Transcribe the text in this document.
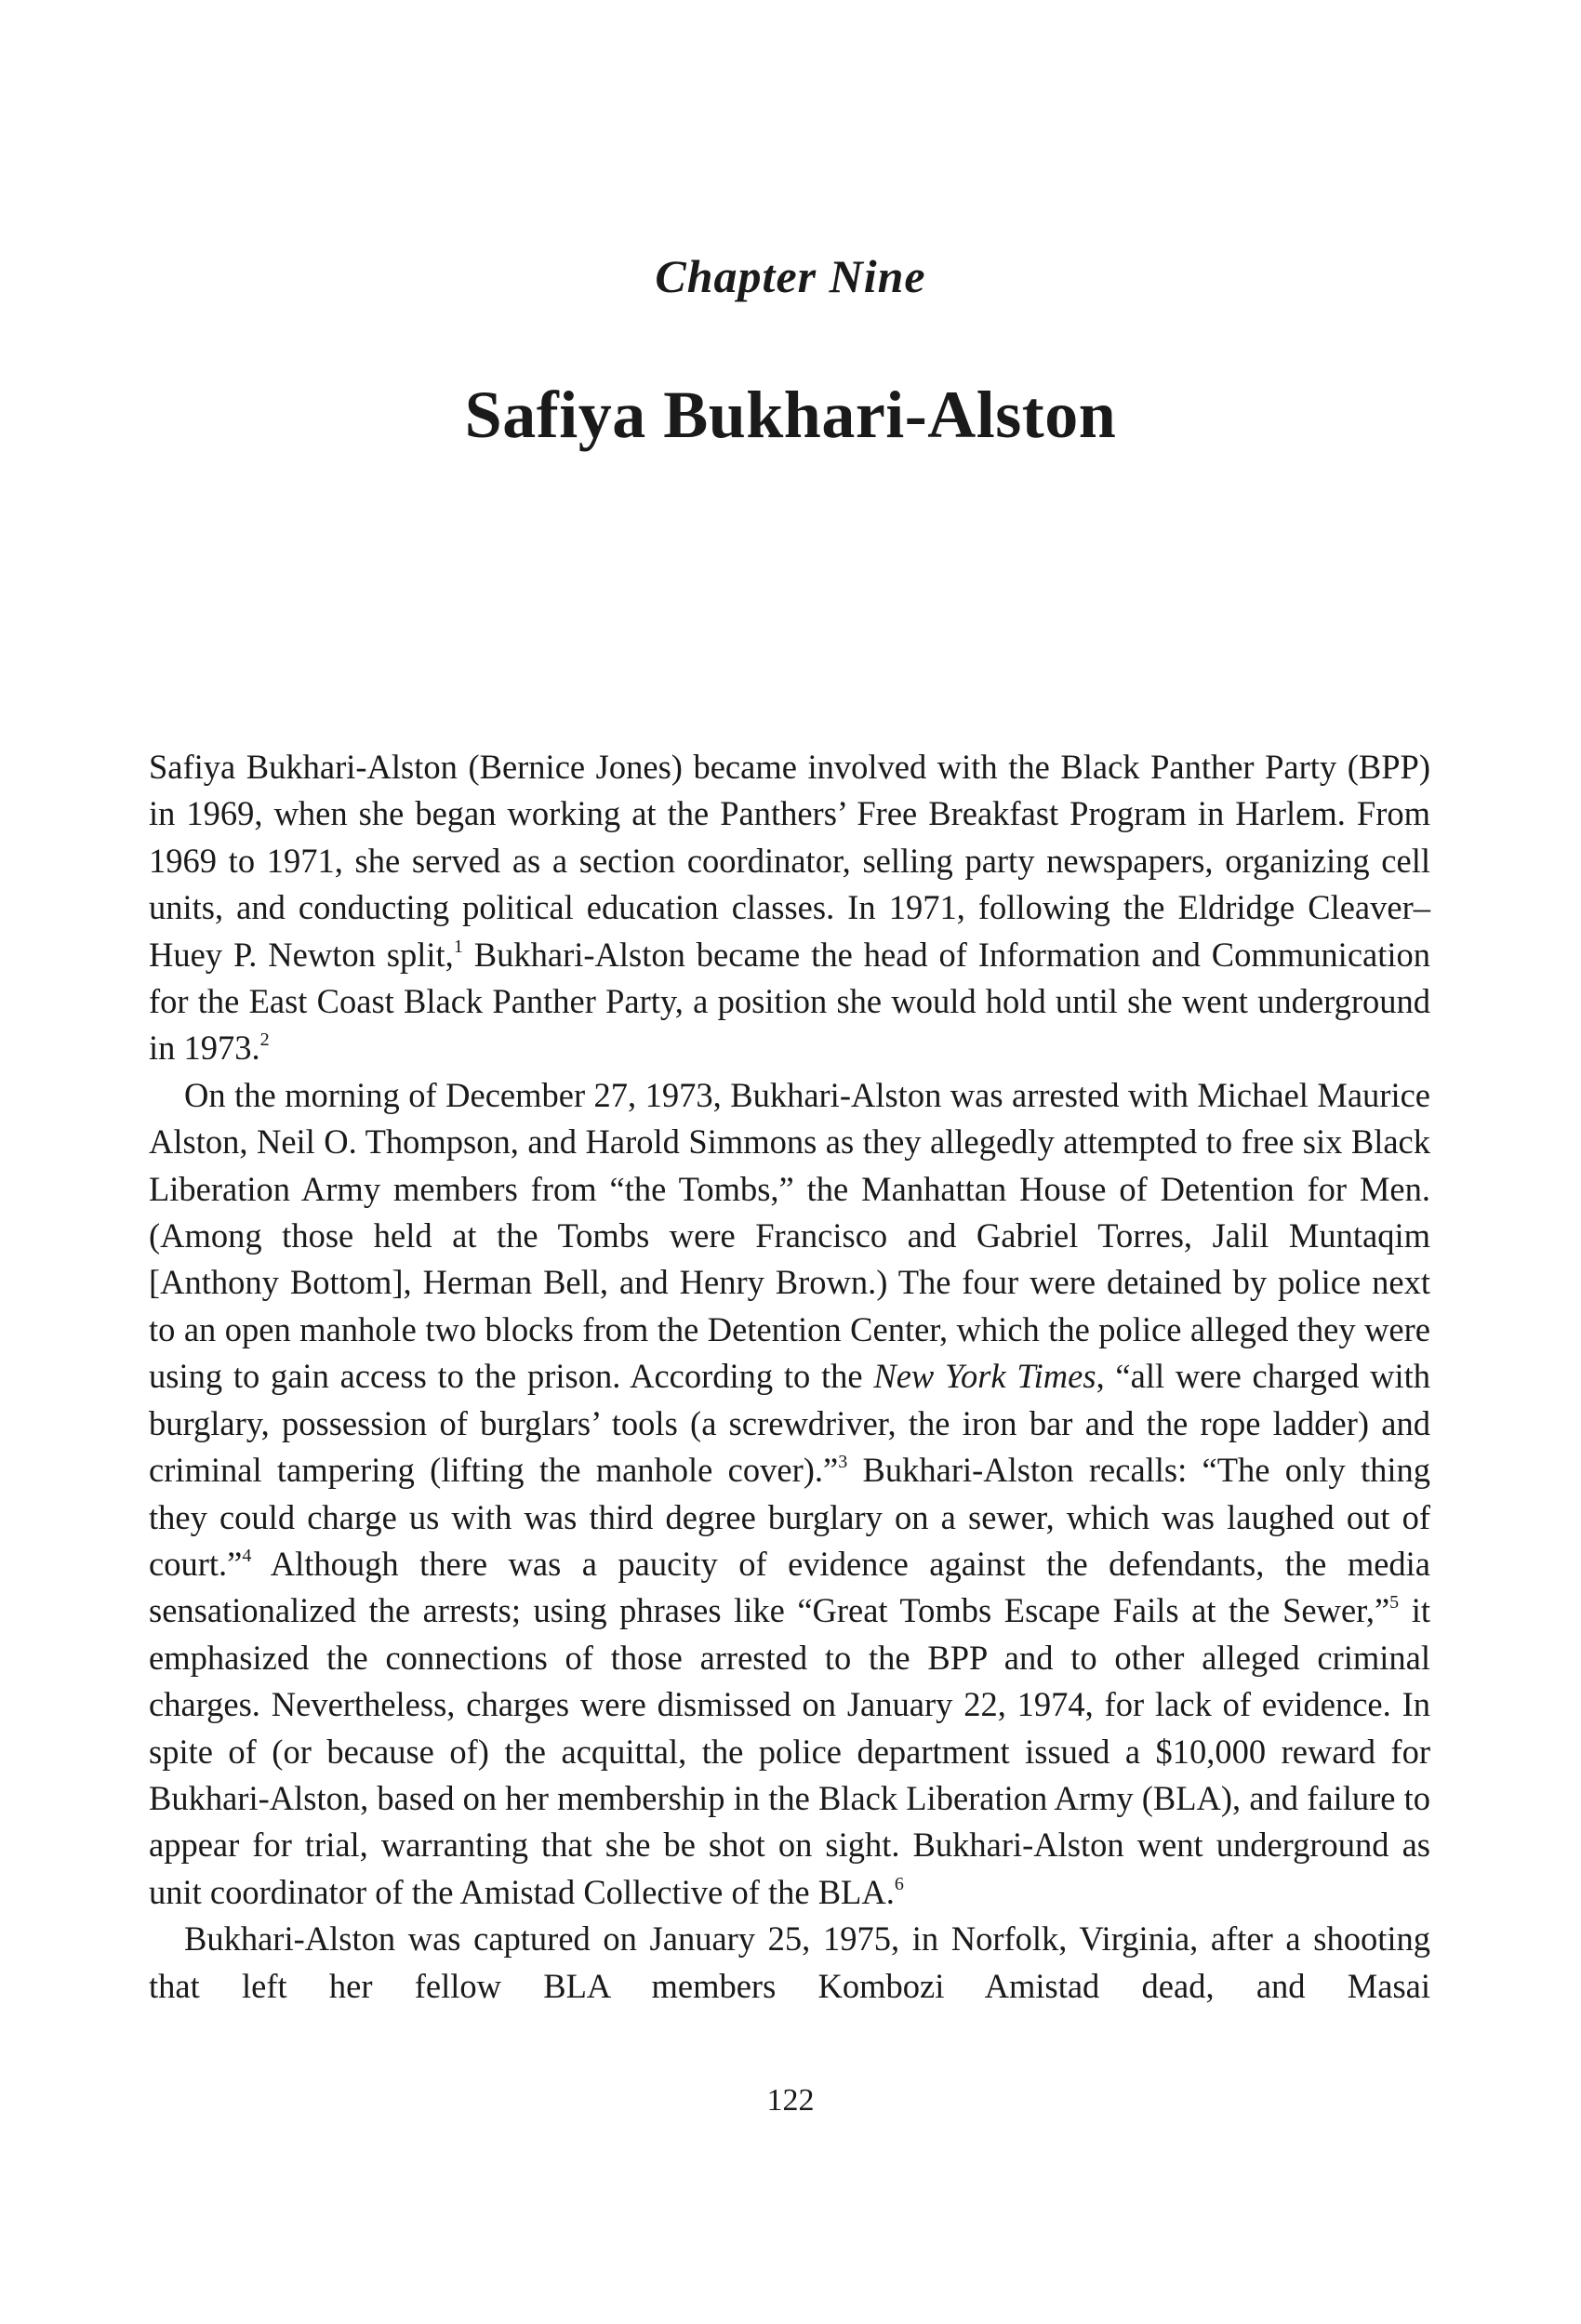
Chapter Nine
Safiya Bukhari-Alston

Safiya Bukhari-Alston (Bernice Jones) became involved with the Black Panther Party (BPP) in 1969, when she began working at the Panthers’ Free Breakfast Program in Harlem. From 1969 to 1971, she served as a section coordinator, selling party newspapers, organizing cell units, and conducting political education classes. In 1971, following the Eldridge Cleaver–Huey P. Newton split,$^1$ Bukhari-Alston became the head of Information and Communication for the East Coast Black Panther Party, a position she would hold until she went underground in 1973.$^2$

On the morning of December 27, 1973, Bukhari-Alston was arrested with Michael Maurice Alston, Neil O. Thompson, and Harold Simmons as they allegedly attempted to free six Black Liberation Army members from “the Tombs,” the Manhattan House of Detention for Men. (Among those held at the Tombs were Francisco and Gabriel Torres, Jalil Muntaqim [Anthony Bottom], Herman Bell, and Henry Brown.) The four were detained by police next to an open manhole two blocks from the Detention Center, which the police alleged they were using to gain access to the prison. According to the New York Times, “all were charged with burglary, possession of burglars’ tools (a screwdriver, the iron bar and the rope ladder) and criminal tampering (lifting the manhole cover).”$^3$ Bukhari-Alston recalls: “The only thing they could charge us with was third degree burglary on a sewer, which was laughed out of court.”$^4$ Although there was a paucity of evidence against the defendants, the media sensationalized the arrests; using phrases like “Great Tombs Escape Fails at the Sewer,”$^5$ it emphasized the connections of those arrested to the BPP and to other alleged criminal charges. Nevertheless, charges were dismissed on January 22, 1974, for lack of evidence. In spite of (or because of) the acquittal, the police department issued a $10,000 reward for Bukhari-Alston, based on her membership in the Black Liberation Army (BLA), and failure to appear for trial, warranting that she be shot on sight. Bukhari-Alston went underground as unit coordinator of the Amistad Collective of the BLA.$^6$

Bukhari-Alston was captured on January 25, 1975, in Norfolk, Virginia, after a shooting that left her fellow BLA members Kombozi Amistad dead, and Masai

122
